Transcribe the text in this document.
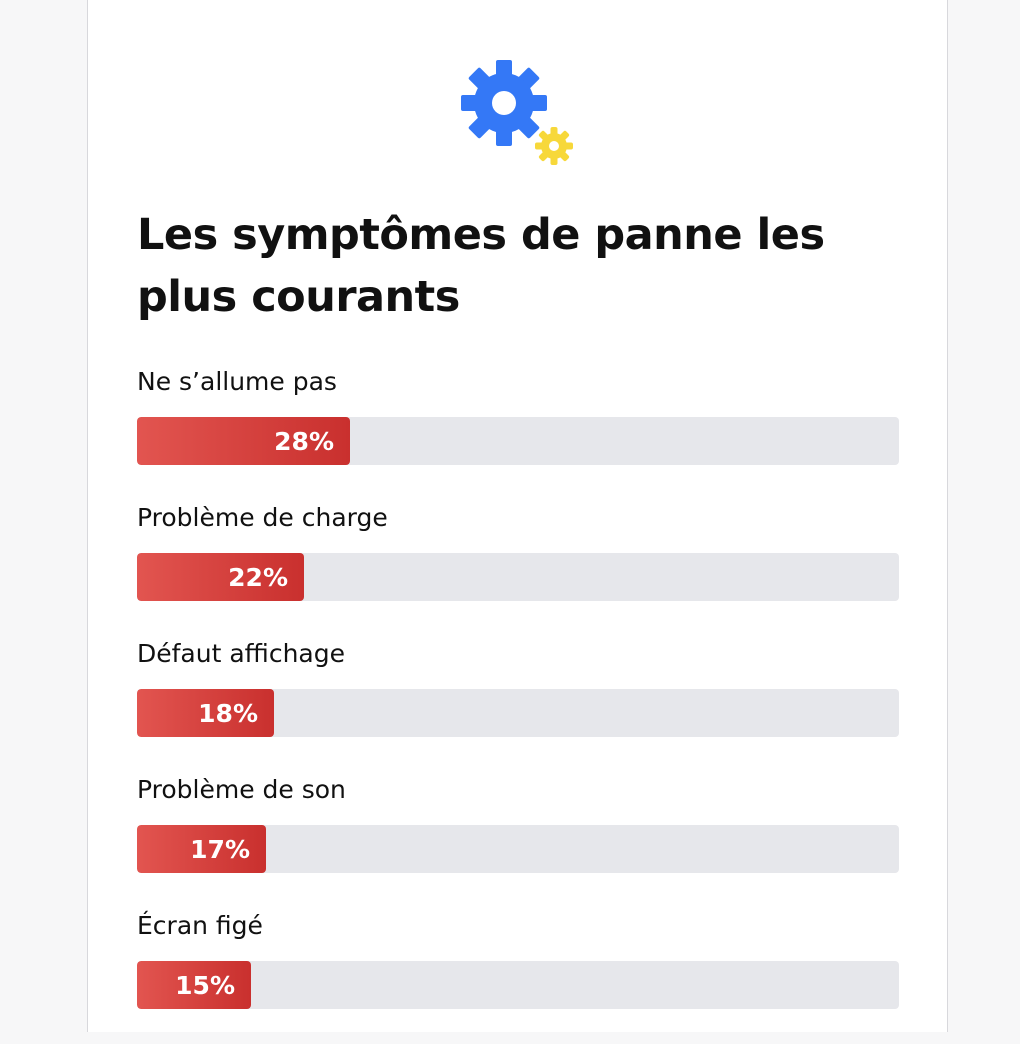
Les symptômes de panne les plus courants
Ne s’allume pas
28%
Problème de charge
22%
Défaut affichage
18%
Problème de son
17%
Écran figé
15%
